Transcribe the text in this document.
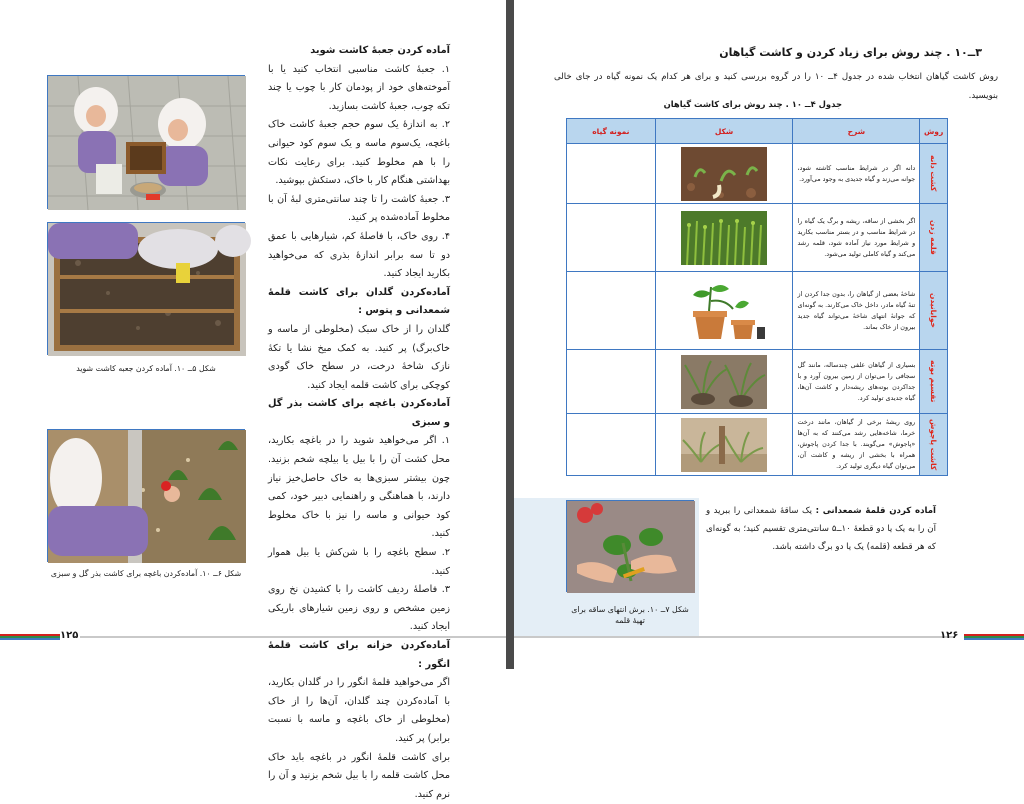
شکل ۵ــ ۱۰. آماده کردن جعبه کاشت شوید
شکل ۶ــ ۱۰. آماده‌کردن باغچه برای کاشت بذر گل و سبزی
آماده کردن جعبۀ کاشت شوید

۱. جعبۀ کاشت مناسبی انتخاب کنید یا با آموخته‌های خود از پودمان کار با چوب یا چند تکه چوب، جعبۀ کاشت بسازید.

۲. به اندازۀ یک سوم حجم جعبۀ کاشت خاک باغچه، یک‌سوم ماسه و یک سوم کود حیوانی را با هم مخلوط کنید. برای رعایت نکات بهداشتی هنگام کار با خاک، دستکش بپوشید.

۳. جعبۀ کاشت را تا چند سانتی‌متری لبۀ آن با مخلوط آماده‌شده پر کنید.

۴. روی خاک، با فاصلۀ کم، شیارهایی با عمق دو تا سه برابر اندازۀ بذری که می‌خواهید بکارید ایجاد کنید.

آماده‌کردن گلدان برای کاشت قلمۀ شمعدانی و پتوس :

گلدان را از خاک سبک (مخلوطی از ماسه و خاک‌برگ) پر کنید. به کمک میخ نشا یا تکۀ نازک شاخۀ درخت، در سطح خاک گودی کوچکی برای کاشت قلمه ایجاد کنید.

آماده‌کردن باغچه برای کاشت بذر گل و سبزی

۱. اگر می‌خواهید شوید را در باغچه بکارید، محل کشت آن را با بیل یا بیلچه شخم بزنید. چون بیشتر سبزی‌ها به خاک حاصل‌خیز نیاز دارند، با هماهنگی و راهنمایی دبیر خود، کمی کود حیوانی و ماسه را نیز با خاک مخلوط کنید.

۲. سطح باغچه را با شن‌کش یا بیل هموار کنید.

۳. فاصلۀ ردیف کاشت را با کشیدن نخ روی زمین مشخص و روی زمین شیارهای باریکی ایجاد کنید.

آماده‌کردن خزانه برای کاشت قلمۀ انگور :

اگر می‌خواهید قلمۀ انگور را در گلدان بکارید، با آماده‌کردن چند گلدان، آن‌ها را از خاک (مخلوطی از خاک باغچه و ماسه با نسبت برابر) پر کنید.

برای کاشت قلمۀ انگور در باغچه باید خاک محل کاشت قلمه را با بیل شخم بزنید و آن را نرم کنید.

۱۲۵
۳ــ۱۰ . چند روش برای زیاد کردن و کاشت گیاهان
روش کاشت گیاهان انتخاب شده در جدول ۴ــ ۱۰ را در گروه بررسی کنید و برای هر کدام یک نمونه گیاه در جای خالی بنویسید.
جدول ۴ــ ۱۰ . چند روش برای کاشت گیاهان
روش	شرح	شکل	نمونه گیاه

کشت دانه	دانه اگر در شرایط مناسب کاشته شود، جوانه می‌زند و گیاه جدیدی به وجود می‌آورد.	

قلمه زدن	اگر بخشی از ساقه، ریشه و برگ یک گیاه را در شرایط مناسب و در بستر مناسب بکارید و شرایط مورد نیاز آماده شود، قلمه رشد می‌کند و گیاه کاملی تولید می‌شود.	

خوابانیدن	شاخۀ بعضی از گیاهان را، بدون جدا کردن از تنۀ گیاه مادر، داخل خاک می‌کارند. به گونه‌ای که جوانۀ انتهای شاخۀ می‌تواند گیاه جدید بیرون از خاک بماند.	

تقسیم بوته	بسیاری از گیاهان علفی چندساله، مانند گل سجافی را می‌توان از زمین بیرون آورد و با جداکردن بوته‌های ریشه‌دار و کاشت آن‌ها، گیاه جدیدی تولید کرد.	

کاشت پاجوش	روی ریشۀ برخی از گیاهان، مانند درخت خرما، شاخه‌هایی رشد می‌کنند که به آن‌ها «پاجوش» می‌گویند. با جدا کردن پاجوش، همراه با بخشی از ریشه و کاشت آن، می‌توان گیاه دیگری تولید کرد.	

شکل ۷ــ ۱۰. برش انتهای ساقه برای تهیۀ قلمه
آماده کردن قلمۀ شمعدانی : یک ساقۀ شمعدانی را ببرید و آن را به یک یا دو قطعۀ ۱۰ــ۵ سانتی‌متری تقسیم کنید؛ به گونه‌ای که هر قطعه (قلمه) یک یا دو برگ داشته باشد.
۱۲۶
